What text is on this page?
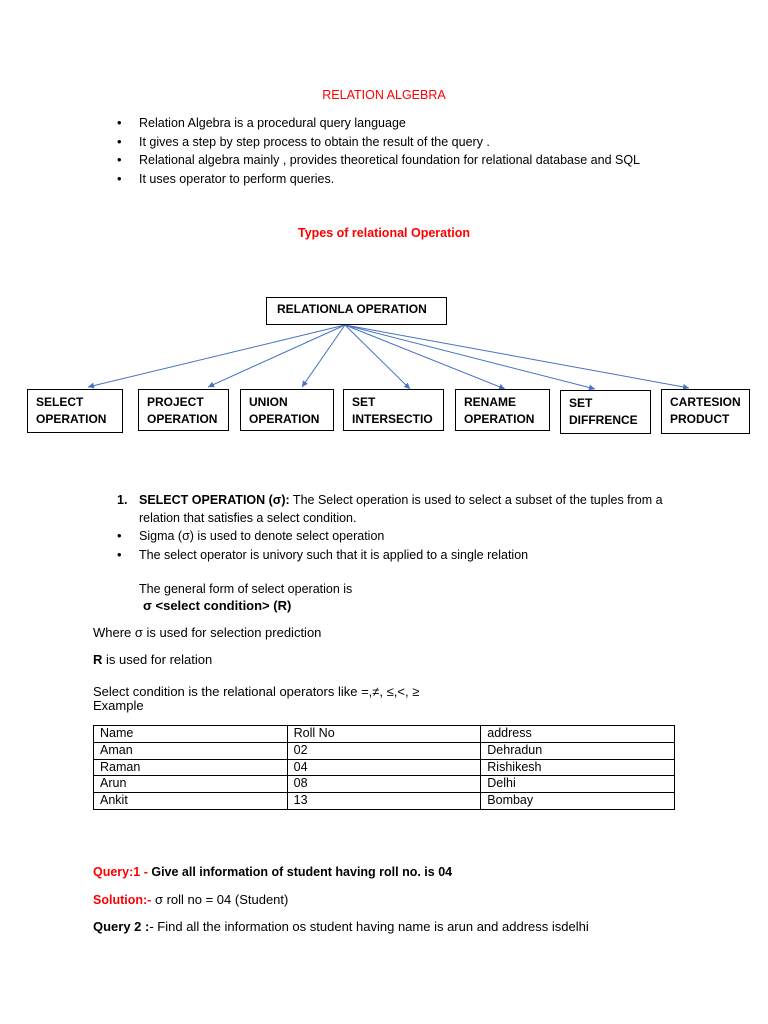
RELATION ALGEBRA
• Relation Algebra is a procedural query language
• It gives a step by step process to obtain the result of the query .
• Relational algebra mainly , provides theoretical foundation for relational database and SQL
• It uses operator to perform queries.
Types of relational Operation
RELATIONLA OPERATION
SELECT
OPERATION
PROJECT
OPERATION
UNION
OPERATION
SET
INTERSECTIO
RENAME
OPERATION
SET
DIFFRENCE
CARTESION
PRODUCT
1. SELECT OPERATION (σ): The Select operation is used to select a subset of the tuples from a
relation that satisfies a select condition.
• Sigma (σ) is used to denote select operation
• The select operator is univory such that it is applied to a single relation
The general form of select operation is
σ <select condition> (R)
Where σ is used for selection prediction
R is used for relation
Select condition is the relational operators like =,≠, ≤,<, ≥
Example
Name	Roll No	address
Aman	02	Dehradun
Raman	04	Rishikesh
Arun	08	Delhi
Ankit	13	Bombay
Query:1 - Give all information of student having roll no. is 04
Solution:- σ roll no = 04 (Student)
Query 2 :- Find all the information os student having name is arun and address isdelhi
